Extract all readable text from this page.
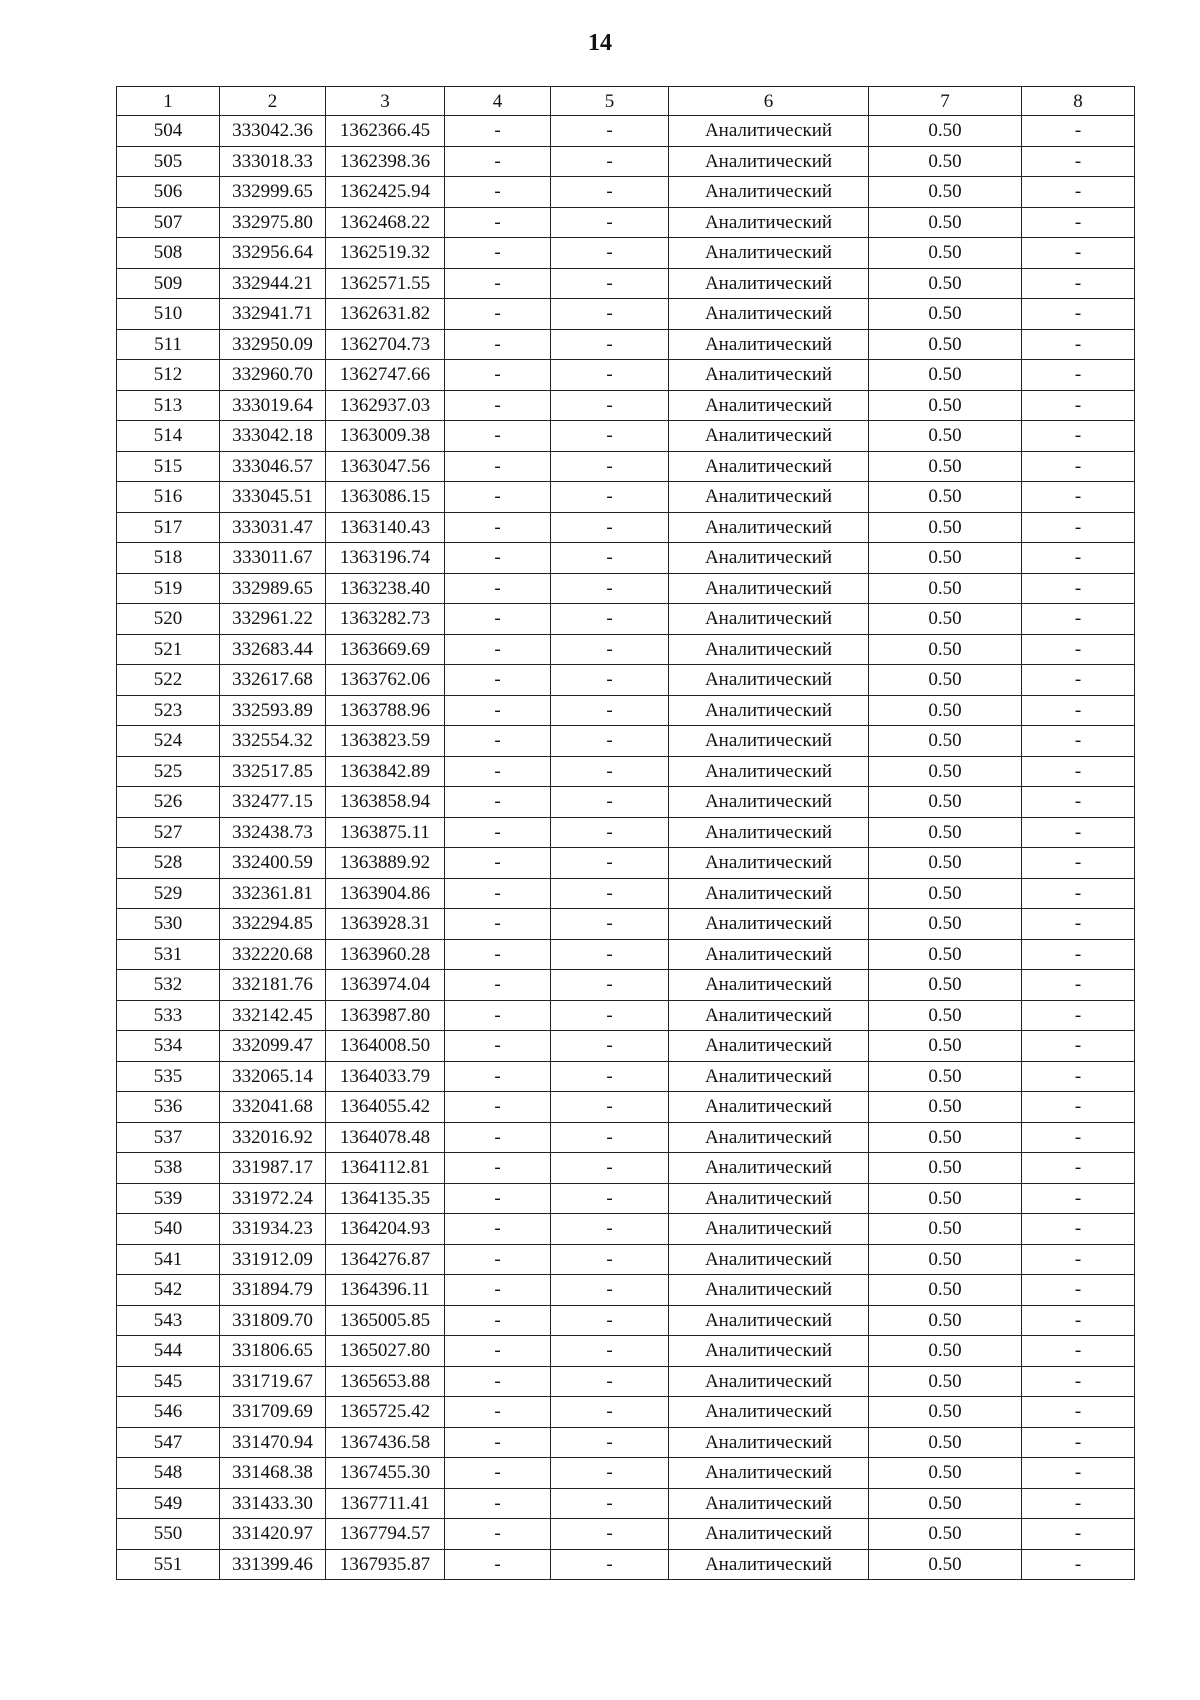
14
1	2	3	4	5	6	7	8
504	333042.36	1362366.45	-	-	Аналитический	0.50	-
505	333018.33	1362398.36	-	-	Аналитический	0.50	-
506	332999.65	1362425.94	-	-	Аналитический	0.50	-
507	332975.80	1362468.22	-	-	Аналитический	0.50	-
508	332956.64	1362519.32	-	-	Аналитический	0.50	-
509	332944.21	1362571.55	-	-	Аналитический	0.50	-
510	332941.71	1362631.82	-	-	Аналитический	0.50	-
511	332950.09	1362704.73	-	-	Аналитический	0.50	-
512	332960.70	1362747.66	-	-	Аналитический	0.50	-
513	333019.64	1362937.03	-	-	Аналитический	0.50	-
514	333042.18	1363009.38	-	-	Аналитический	0.50	-
515	333046.57	1363047.56	-	-	Аналитический	0.50	-
516	333045.51	1363086.15	-	-	Аналитический	0.50	-
517	333031.47	1363140.43	-	-	Аналитический	0.50	-
518	333011.67	1363196.74	-	-	Аналитический	0.50	-
519	332989.65	1363238.40	-	-	Аналитический	0.50	-
520	332961.22	1363282.73	-	-	Аналитический	0.50	-
521	332683.44	1363669.69	-	-	Аналитический	0.50	-
522	332617.68	1363762.06	-	-	Аналитический	0.50	-
523	332593.89	1363788.96	-	-	Аналитический	0.50	-
524	332554.32	1363823.59	-	-	Аналитический	0.50	-
525	332517.85	1363842.89	-	-	Аналитический	0.50	-
526	332477.15	1363858.94	-	-	Аналитический	0.50	-
527	332438.73	1363875.11	-	-	Аналитический	0.50	-
528	332400.59	1363889.92	-	-	Аналитический	0.50	-
529	332361.81	1363904.86	-	-	Аналитический	0.50	-
530	332294.85	1363928.31	-	-	Аналитический	0.50	-
531	332220.68	1363960.28	-	-	Аналитический	0.50	-
532	332181.76	1363974.04	-	-	Аналитический	0.50	-
533	332142.45	1363987.80	-	-	Аналитический	0.50	-
534	332099.47	1364008.50	-	-	Аналитический	0.50	-
535	332065.14	1364033.79	-	-	Аналитический	0.50	-
536	332041.68	1364055.42	-	-	Аналитический	0.50	-
537	332016.92	1364078.48	-	-	Аналитический	0.50	-
538	331987.17	1364112.81	-	-	Аналитический	0.50	-
539	331972.24	1364135.35	-	-	Аналитический	0.50	-
540	331934.23	1364204.93	-	-	Аналитический	0.50	-
541	331912.09	1364276.87	-	-	Аналитический	0.50	-
542	331894.79	1364396.11	-	-	Аналитический	0.50	-
543	331809.70	1365005.85	-	-	Аналитический	0.50	-
544	331806.65	1365027.80	-	-	Аналитический	0.50	-
545	331719.67	1365653.88	-	-	Аналитический	0.50	-
546	331709.69	1365725.42	-	-	Аналитический	0.50	-
547	331470.94	1367436.58	-	-	Аналитический	0.50	-
548	331468.38	1367455.30	-	-	Аналитический	0.50	-
549	331433.30	1367711.41	-	-	Аналитический	0.50	-
550	331420.97	1367794.57	-	-	Аналитический	0.50	-
551	331399.46	1367935.87	-	-	Аналитический	0.50	-
